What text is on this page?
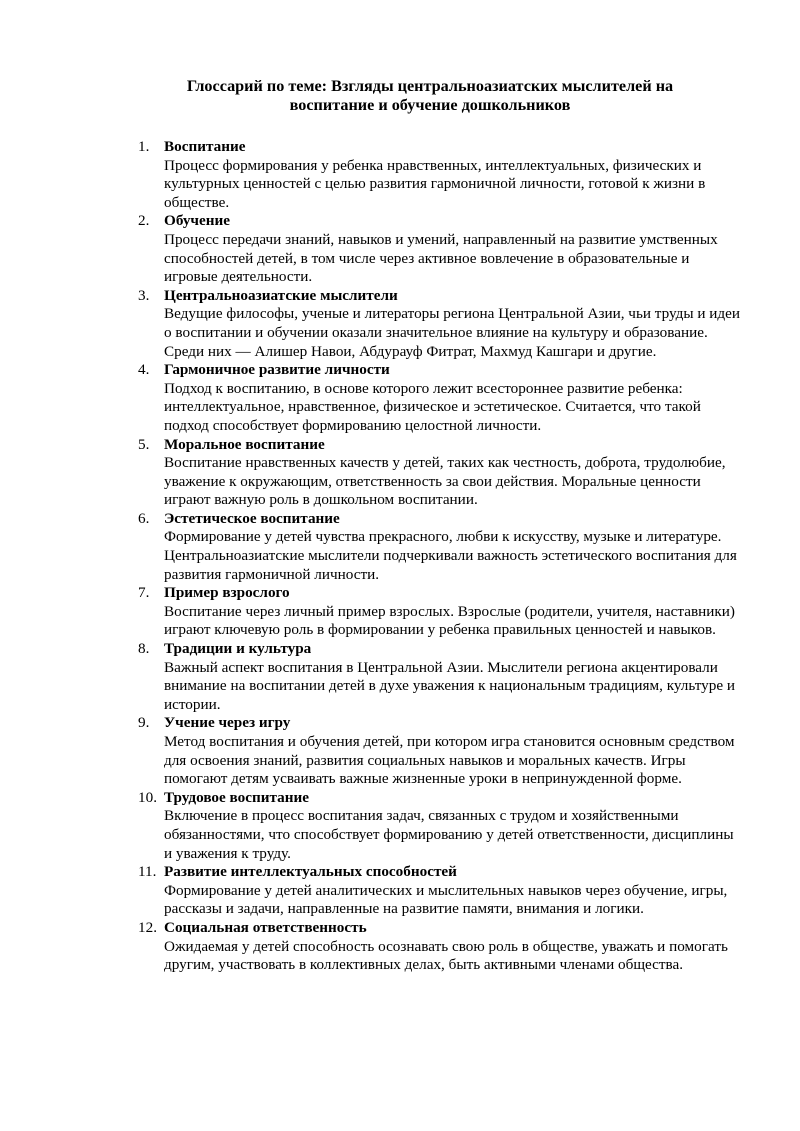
Глоссарий по теме: Взгляды центральноазиатских мыслителей на
воспитание и обучение дошкольников
1. Воспитание
Процесс формирования у ребенка нравственных, интеллектуальных, физических и культурных ценностей с целью развития гармоничной личности, готовой к жизни в обществе.
2. Обучение
Процесс передачи знаний, навыков и умений, направленный на развитие умственных способностей детей, в том числе через активное вовлечение в образовательные и игровые деятельности.
3. Центральноазиатские мыслители
Ведущие философы, ученые и литераторы региона Центральной Азии, чьи труды и идеи о воспитании и обучении оказали значительное влияние на культуру и образование. Среди них — Алишер Навои, Абдурауф Фитрат, Махмуд Кашгари и другие.
4. Гармоничное развитие личности
Подход к воспитанию, в основе которого лежит всестороннее развитие ребенка: интеллектуальное, нравственное, физическое и эстетическое. Считается, что такой подход способствует формированию целостной личности.
5. Моральное воспитание
Воспитание нравственных качеств у детей, таких как честность, доброта, трудолюбие, уважение к окружающим, ответственность за свои действия. Моральные ценности играют важную роль в дошкольном воспитании.
6. Эстетическое воспитание
Формирование у детей чувства прекрасного, любви к искусству, музыке и литературе. Центральноазиатские мыслители подчеркивали важность эстетического воспитания для развития гармоничной личности.
7. Пример взрослого
Воспитание через личный пример взрослых. Взрослые (родители, учителя, наставники) играют ключевую роль в формировании у ребенка правильных ценностей и навыков.
8. Традиции и культура
Важный аспект воспитания в Центральной Азии. Мыслители региона акцентировали внимание на воспитании детей в духе уважения к национальным традициям, культуре и истории.
9. Учение через игру
Метод воспитания и обучения детей, при котором игра становится основным средством для освоения знаний, развития социальных навыков и моральных качеств. Игры помогают детям усваивать важные жизненные уроки в непринужденной форме.
10. Трудовое воспитание
Включение в процесс воспитания задач, связанных с трудом и хозяйственными обязанностями, что способствует формированию у детей ответственности, дисциплины и уважения к труду.
11. Развитие интеллектуальных способностей
Формирование у детей аналитических и мыслительных навыков через обучение, игры, рассказы и задачи, направленные на развитие памяти, внимания и логики.
12. Социальная ответственность
Ожидаемая у детей способность осознавать свою роль в обществе, уважать и помогать другим, участвовать в коллективных делах, быть активными членами общества.
